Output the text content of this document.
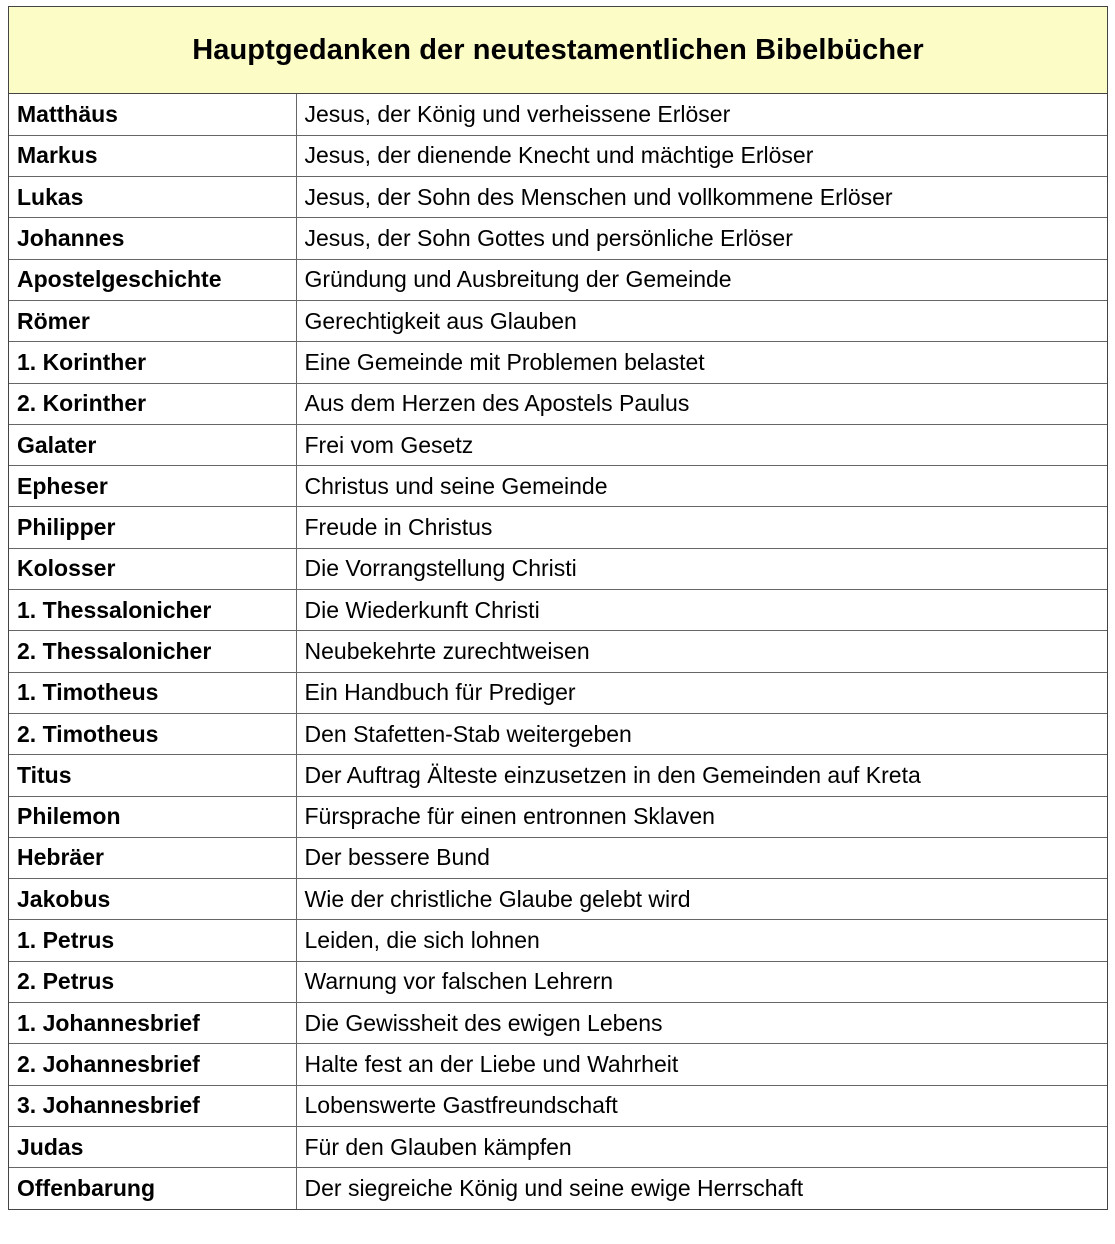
Hauptgedanken der neutestamentlichen Bibelbücher
Matthäus	Jesus, der König und verheissene Erlöser
Markus	Jesus, der dienende Knecht und mächtige Erlöser
Lukas	Jesus, der Sohn des Menschen und vollkommene Erlöser
Johannes	Jesus, der Sohn Gottes und persönliche Erlöser
Apostelgeschichte	Gründung und Ausbreitung der Gemeinde
Römer	Gerechtigkeit aus Glauben
1. Korinther	Eine Gemeinde mit Problemen belastet
2. Korinther	Aus dem Herzen des Apostels Paulus
Galater	Frei vom Gesetz
Epheser	Christus und seine Gemeinde
Philipper	Freude in Christus
Kolosser	Die Vorrangstellung Christi
1. Thessalonicher	Die Wiederkunft Christi
2. Thessalonicher	Neubekehrte zurechtweisen
1. Timotheus	Ein Handbuch für Prediger
2. Timotheus	Den Stafetten-Stab weitergeben
Titus	Der Auftrag Älteste einzusetzen in den Gemeinden auf Kreta
Philemon	Fürsprache für einen entronnen Sklaven
Hebräer	Der bessere Bund
Jakobus	Wie der christliche Glaube gelebt wird
1. Petrus	Leiden, die sich lohnen
2. Petrus	Warnung vor falschen Lehrern
1. Johannesbrief	Die Gewissheit des ewigen Lebens
2. Johannesbrief	Halte fest an der Liebe und Wahrheit
3. Johannesbrief	Lobenswerte Gastfreundschaft
Judas	Für den Glauben kämpfen
Offenbarung	Der siegreiche König und seine ewige Herrschaft
